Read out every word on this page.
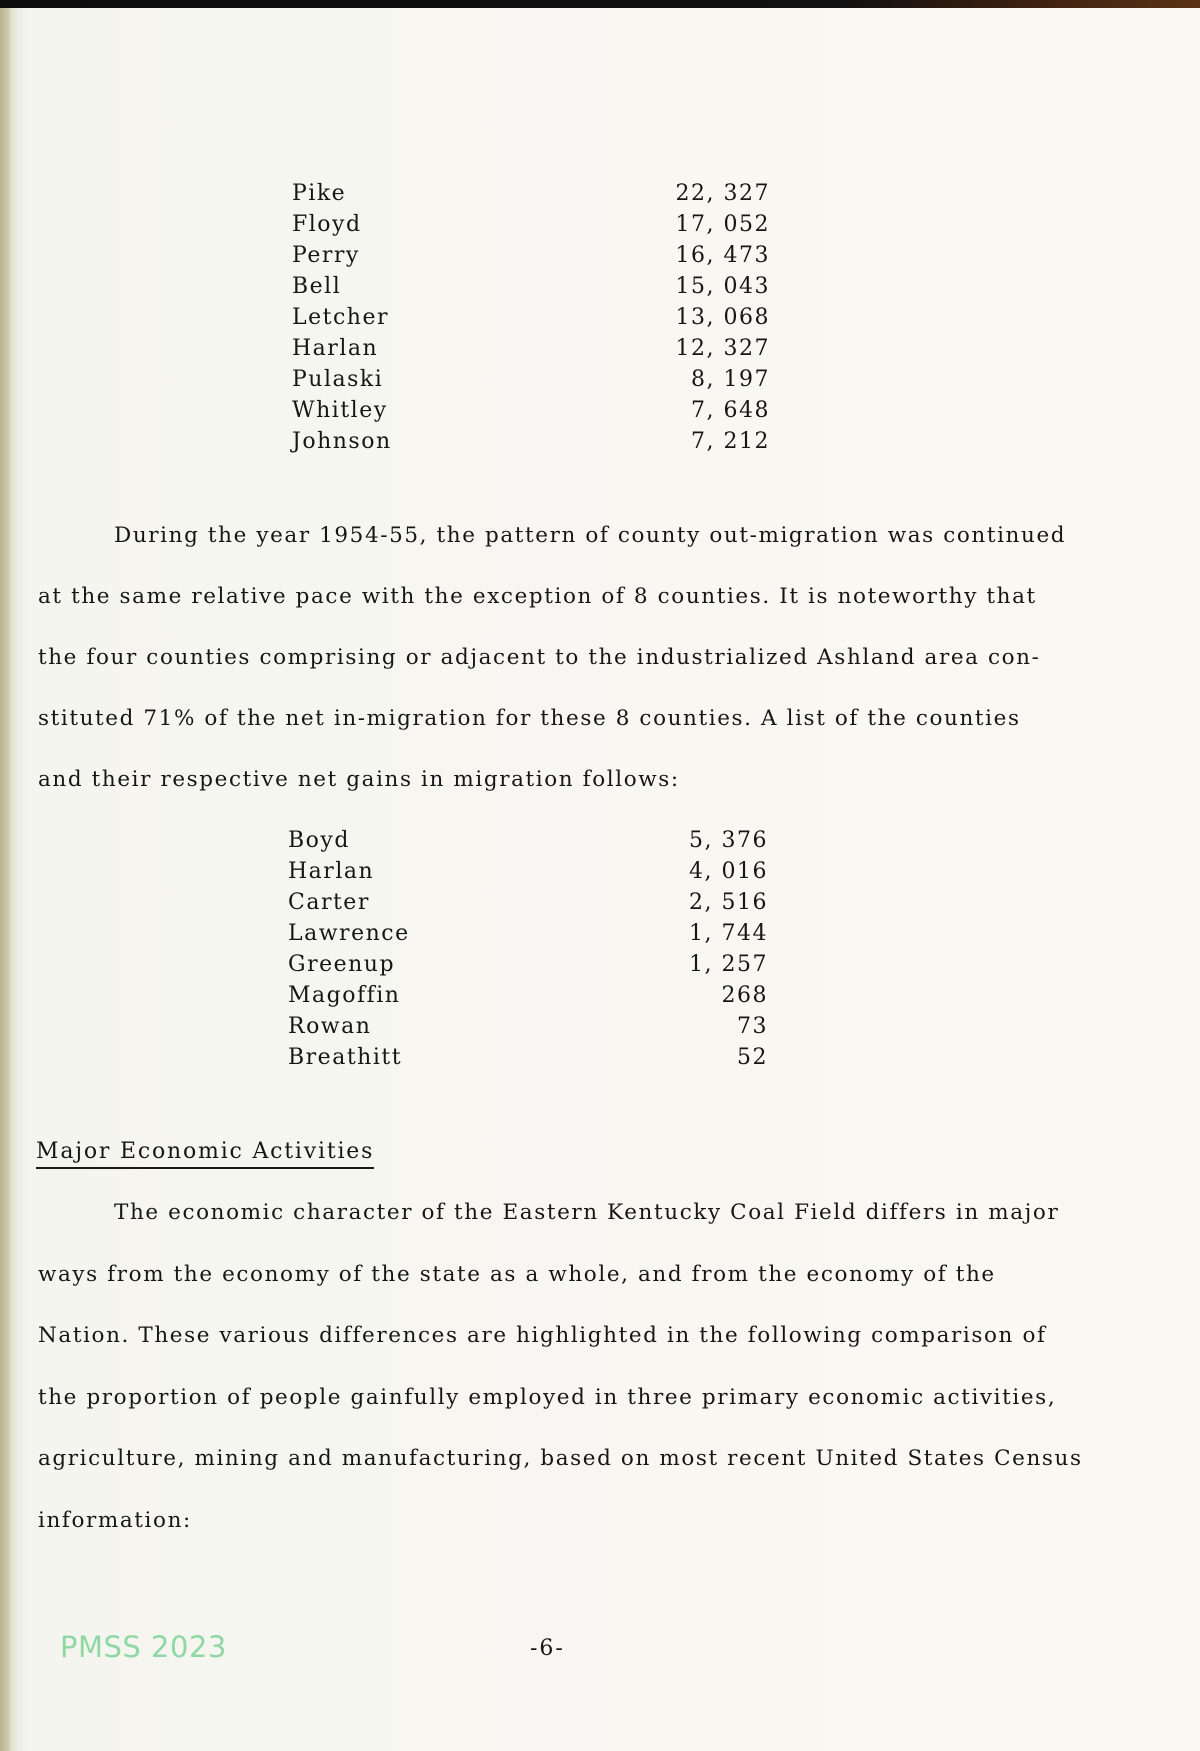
Pike	22, 327
Floyd	17, 052
Perry	16, 473
Bell	15, 043
Letcher	13, 068
Harlan	12, 327
Pulaski	8, 197
Whitley	7, 648
Johnson	7, 212
During the year 1954-55, the pattern of county out-migration was continued
at the same relative pace with the exception of 8 counties. It is noteworthy that
the four counties comprising or adjacent to the industrialized Ashland area con-
stituted 71% of the net in-migration for these 8 counties. A list of the counties
and their respective net gains in migration follows:
Boyd	5, 376
Harlan	4, 016
Carter	2, 516
Lawrence	1, 744
Greenup	1, 257
Magoffin	268
Rowan	73
Breathitt	52
Major Economic Activities
The economic character of the Eastern Kentucky Coal Field differs in major
ways from the economy of the state as a whole, and from the economy of the
Nation. These various differences are highlighted in the following comparison of
the proportion of people gainfully employed in three primary economic activities,
agriculture, mining and manufacturing, based on most recent United States Census
information:
PMSS 2023	-6-
